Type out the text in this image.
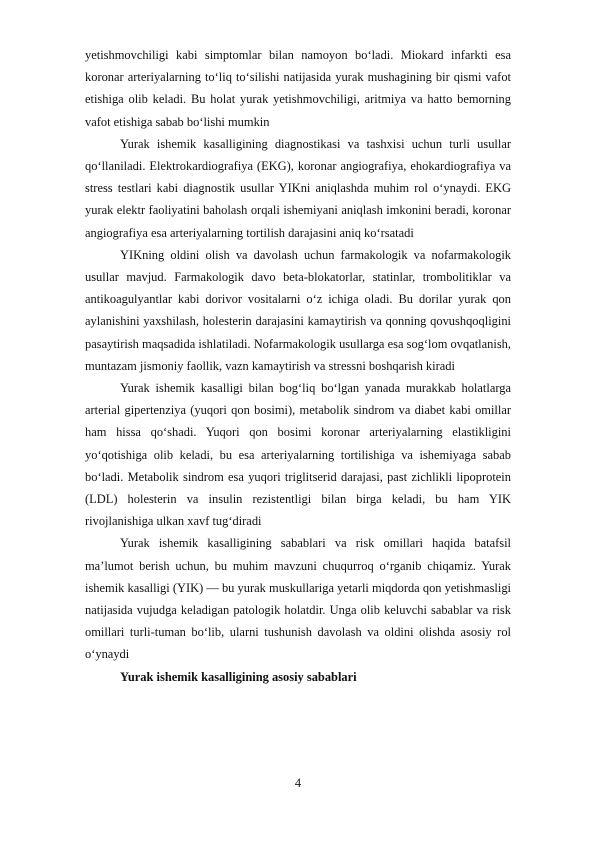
yetishmovchiligi kabi simptomlar bilan namoyon bo‘ladi. Miokard infarkti esa koronar arteriyalarning to‘liq to‘silishi natijasida yurak mushagining bir qismi vafot etishiga olib keladi. Bu holat yurak yetishmovchiligi, aritmiya va hatto bemorning vafot etishiga sabab bo‘lishi mumkin

Yurak ishemik kasalligining diagnostikasi va tashxisi uchun turli usullar qo‘llaniladi. Elektrokardiografiya (EKG), koronar angiografiya, ehokardiografiya va stress testlari kabi diagnostik usullar YIKni aniqlashda muhim rol o‘ynaydi. EKG yurak elektr faoliyatini baholash orqali ishemiyani aniqlash imkonini beradi, koronar angiografiya esa arteriyalarning tortilish darajasini aniq ko‘rsatadi

YIKning oldini olish va davolash uchun farmakologik va nofarmakologik usullar mavjud. Farmakologik davo beta-blokatorlar, statinlar, trombolitiklar va antikoagulyantlar kabi dorivor vositalarni o‘z ichiga oladi. Bu dorilar yurak qon aylanishini yaxshilash, holesterin darajasini kamaytirish va qonning qovushqoqligini pasaytirish maqsadida ishlatiladi. Nofarmakologik usullarga esa sog‘lom ovqatlanish, muntazam jismoniy faollik, vazn kamaytirish va stressni boshqarish kiradi

Yurak ishemik kasalligi bilan bog‘liq bo‘lgan yanada murakkab holatlarga arterial gipertenziya (yuqori qon bosimi), metabolik sindrom va diabet kabi omillar ham hissa qo‘shadi. Yuqori qon bosimi koronar arteriyalarning elastikligini yo‘qotishiga olib keladi, bu esa arteriyalarning tortilishiga va ishemiyaga sabab bo‘ladi. Metabolik sindrom esa yuqori triglitserid darajasi, past zichlikli lipoprotein (LDL) holesterin va insulin rezistentligi bilan birga keladi, bu ham YIK rivojlanishiga ulkan xavf tug‘diradi

Yurak ishemik kasalligining sabablari va risk omillari haqida batafsil ma’lumot berish uchun, bu muhim mavzuni chuqurroq o‘rganib chiqamiz. Yurak ishemik kasalligi (YIK) — bu yurak muskullariga yetarli miqdorda qon yetishmasligi natijasida vujudga keladigan patologik holatdir. Unga olib keluvchi sabablar va risk omillari turli-tuman bo‘lib, ularni tushunish davolash va oldini olishda asosiy rol o‘ynaydi

Yurak ishemik kasalligining asosiy sabablari

4
